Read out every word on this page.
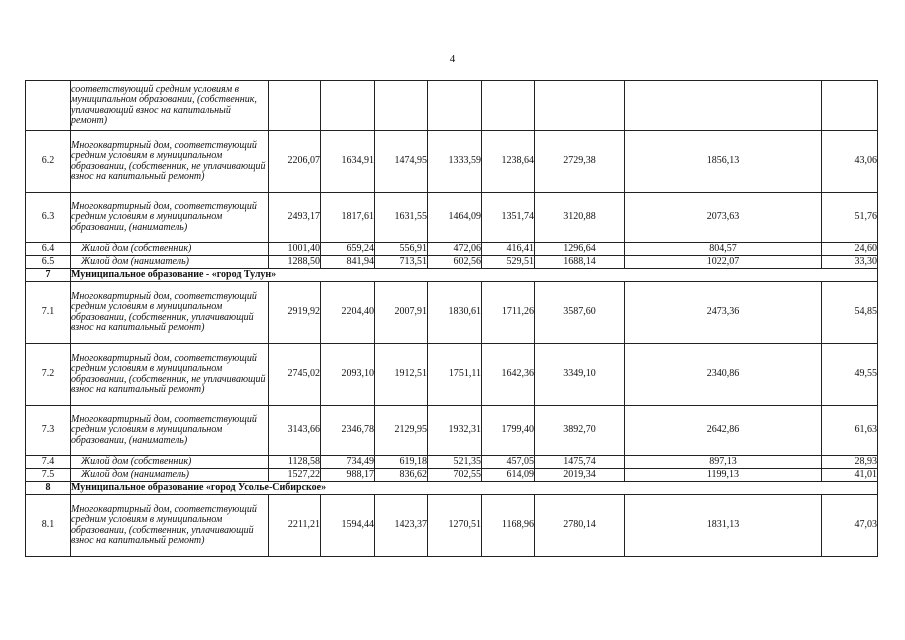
4
	соответствующий средним условиям в муниципальном образовании, (собственник, уплачивающий взнос на капитальный ремонт)								
6.2	Многоквартирный дом, соответствующий средним условиям в муниципальном образовании, (собственник, не уплачивающий взнос на капитальный ремонт)	2206,07	1634,91	1474,95	1333,59	1238,64	2729,38	1856,13	43,06
6.3	Многоквартирный дом, соответствующий средним условиям в муниципальном образовании, (наниматель)	2493,17	1817,61	1631,55	1464,09	1351,74	3120,88	2073,63	51,76
6.4	Жилой дом (собственник)	1001,40	659,24	556,91	472,06	416,41	1296,64	804,57	24,60
6.5	Жилой дом (наниматель)	1288,50	841,94	713,51	602,56	529,51	1688,14	1022,07	33,30
7	Муниципальное образование - «город Тулун»								
7.1	Многоквартирный дом, соответствующий средним условиям в муниципальном образовании, (собственник, уплачивающий взнос на капитальный ремонт)	2919,92	2204,40	2007,91	1830,61	1711,26	3587,60	2473,36	54,85
7.2	Многоквартирный дом, соответствующий средним условиям в муниципальном образовании, (собственник, не уплачивающий взнос на капитальный ремонт)	2745,02	2093,10	1912,51	1751,11	1642,36	3349,10	2340,86	49,55
7.3	Многоквартирный дом, соответствующий средним условиям в муниципальном образовании, (наниматель)	3143,66	2346,78	2129,95	1932,31	1799,40	3892,70	2642,86	61,63
7.4	Жилой дом (собственник)	1128,58	734,49	619,18	521,35	457,05	1475,74	897,13	28,93
7.5	Жилой дом (наниматель)	1527,22	988,17	836,62	702,55	614,09	2019,34	1199,13	41,01
8	Муниципальное образование «город Усолье-Сибирское»								
8.1	Многоквартирный дом, соответствующий средним условиям в муниципальном образовании, (собственник, уплачивающий взнос на капитальный ремонт)	2211,21	1594,44	1423,37	1270,51	1168,96	2780,14	1831,13	47,03
